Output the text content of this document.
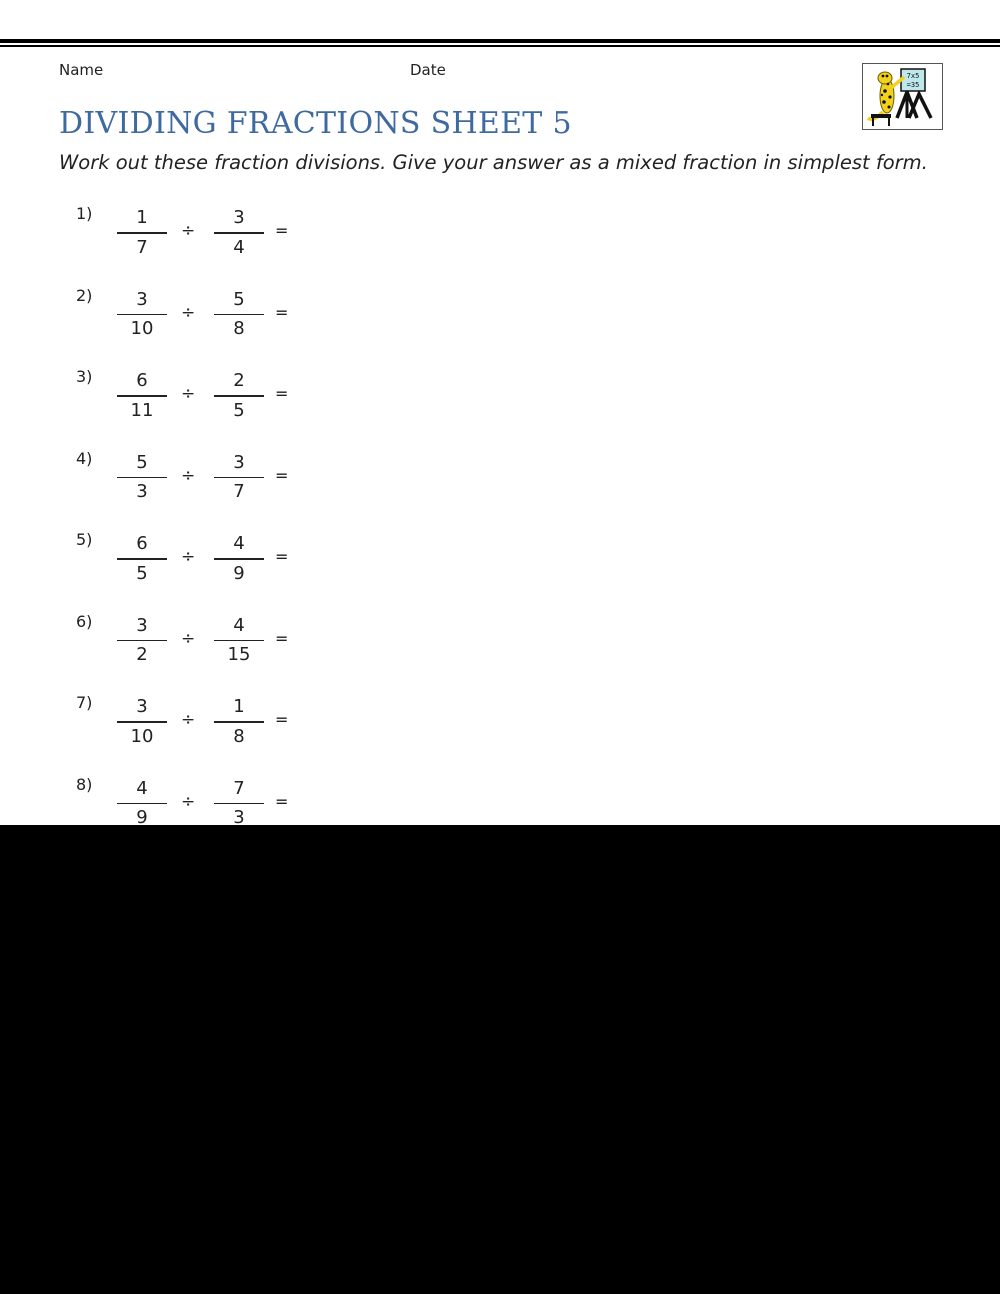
Name	Date
DIVIDING FRACTIONS SHEET 5
Work out these fraction divisions. Give your answer as a mixed fraction in simplest form.
7x5
=35
1)	1
7
÷
3
4
=
2)	3
10
÷
5
8
=
3)	6
11
÷
2
5
=
4)	5
3
÷
3
7
=
5)	6
5
÷
4
9
=
6)	3
2
÷
4
15
=
7)	3
10
÷
1
8
=
8)	4
9
÷
7
3
=
